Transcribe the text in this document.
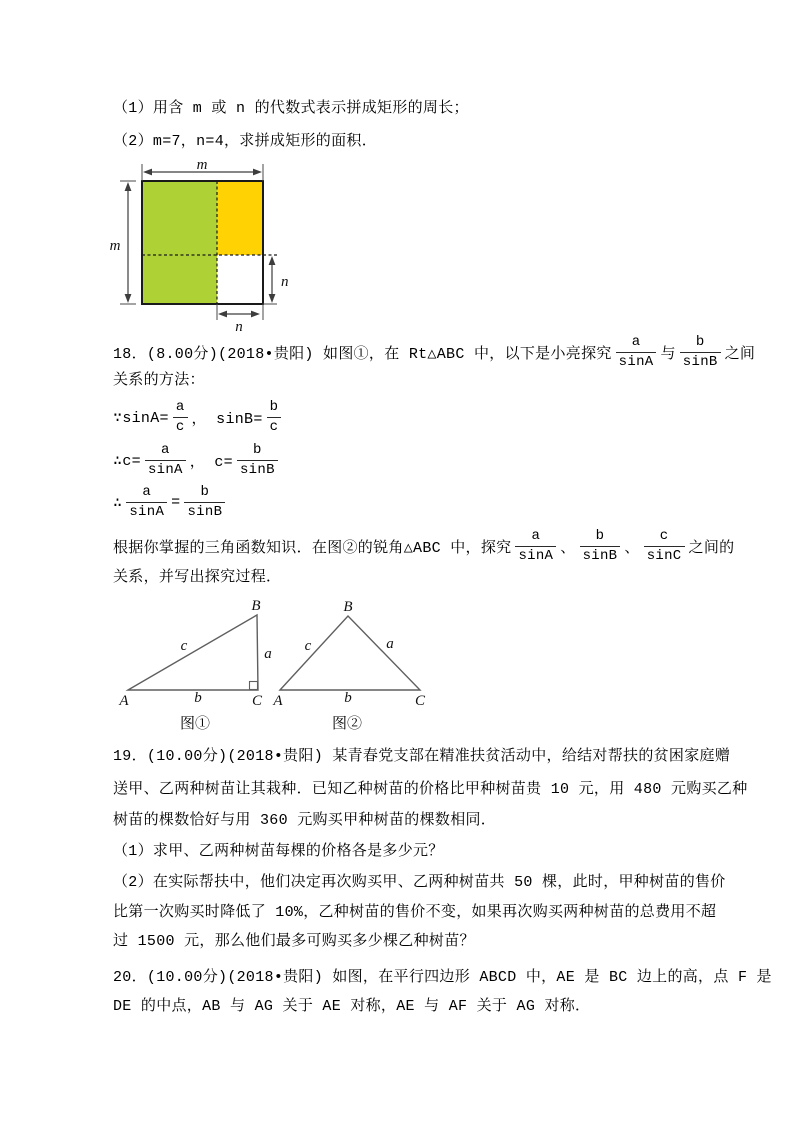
（1）用含 m 或 n 的代数式表示拼成矩形的周长；
（2）m=7，n=4，求拼成矩形的面积．
m
m
n
n
18．(8.00分)(2018•贵阳) 如图①，在 Rt△ABC 中，以下是小亮探究 $\frac{a}{\sin A}$ 与 $\frac{b}{\sin B}$ 之间
关系的方法：
∵sinA= $\frac{a}{c}$ ， $\sin B= \frac{b}{c}$
∴c= $\frac{a}{\sin A}$ ， $c= \frac{b}{\sin B}$
∴ $\frac{a}{\sin A} = \frac{b}{\sin B}$
根据你掌握的三角函数知识．在图②的锐角△ABC 中，探究 $\frac{a}{\sin A}$ 、 $\frac{b}{\sin B}$ 、 $\frac{c}{\sin C}$ 之间的
关系，并写出探究过程．
B
A	C
c	a
b
图①
B
A	C
c	a
b
图②
19．(10.00分)(2018•贵阳) 某青春党支部在精准扶贫活动中，给结对帮扶的贫困家庭赠
送甲、乙两种树苗让其栽种．已知乙种树苗的价格比甲种树苗贵 10 元，用 480 元购买乙种
树苗的棵数恰好与用 360 元购买甲种树苗的棵数相同．
（1）求甲、乙两种树苗每棵的价格各是多少元？
（2）在实际帮扶中，他们决定再次购买甲、乙两种树苗共 50 棵，此时，甲种树苗的售价
比第一次购买时降低了 10%，乙种树苗的售价不变，如果再次购买两种树苗的总费用不超
过 1500 元，那么他们最多可购买多少棵乙种树苗？
20．(10.00分)(2018•贵阳) 如图，在平行四边形 ABCD 中，AE 是 BC 边上的高，点 F 是
DE 的中点，AB 与 AG 关于 AE 对称，AE 与 AF 关于 AG 对称．
